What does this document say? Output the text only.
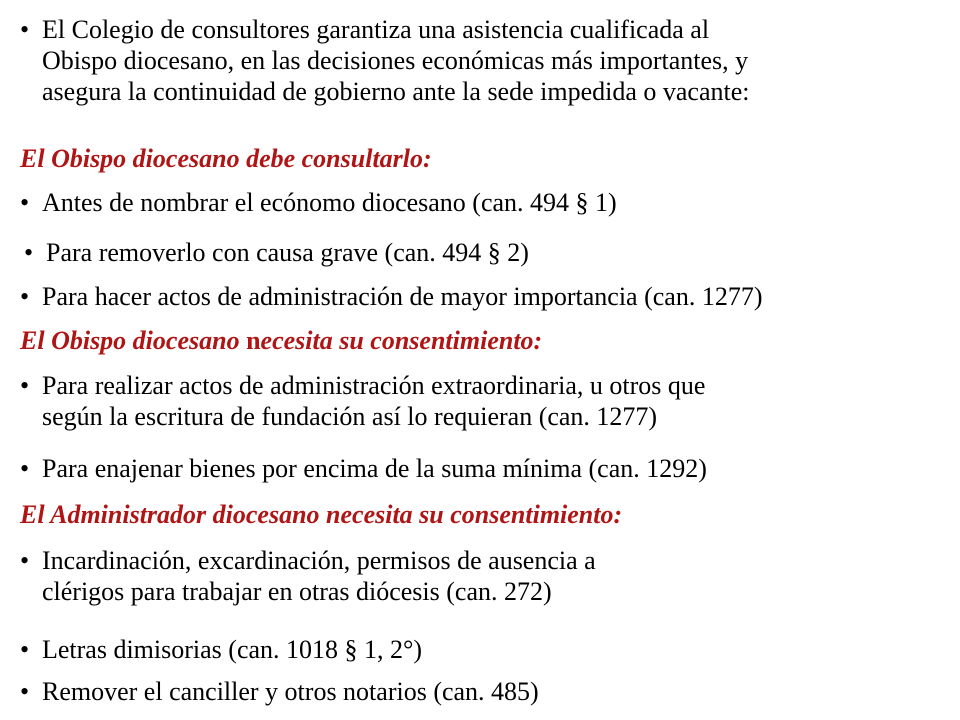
• El Colegio de consultores garantiza una asistencia cualificada al
Obispo diocesano, en las decisiones económicas más importantes, y
asegura la continuidad de gobierno ante la sede impedida o vacante:
El Obispo diocesano debe consultarlo:
• Antes de nombrar el ecónomo diocesano (can. 494 § 1)
• Para removerlo con causa grave (can. 494 § 2)
• Para hacer actos de administración de mayor importancia (can. 1277)
El Obispo diocesano necesita su consentimiento:
• Para realizar actos de administración extraordinaria, u otros que
según la escritura de fundación así lo requieran (can. 1277)
• Para enajenar bienes por encima de la suma mínima (can. 1292)
El Administrador diocesano necesita su consentimiento:
• Incardinación, excardinación, permisos de ausencia a
clérigos para trabajar en otras diócesis (can. 272)
• Letras dimisorias (can. 1018 § 1, 2°)
• Remover el canciller y otros notarios (can. 485)
